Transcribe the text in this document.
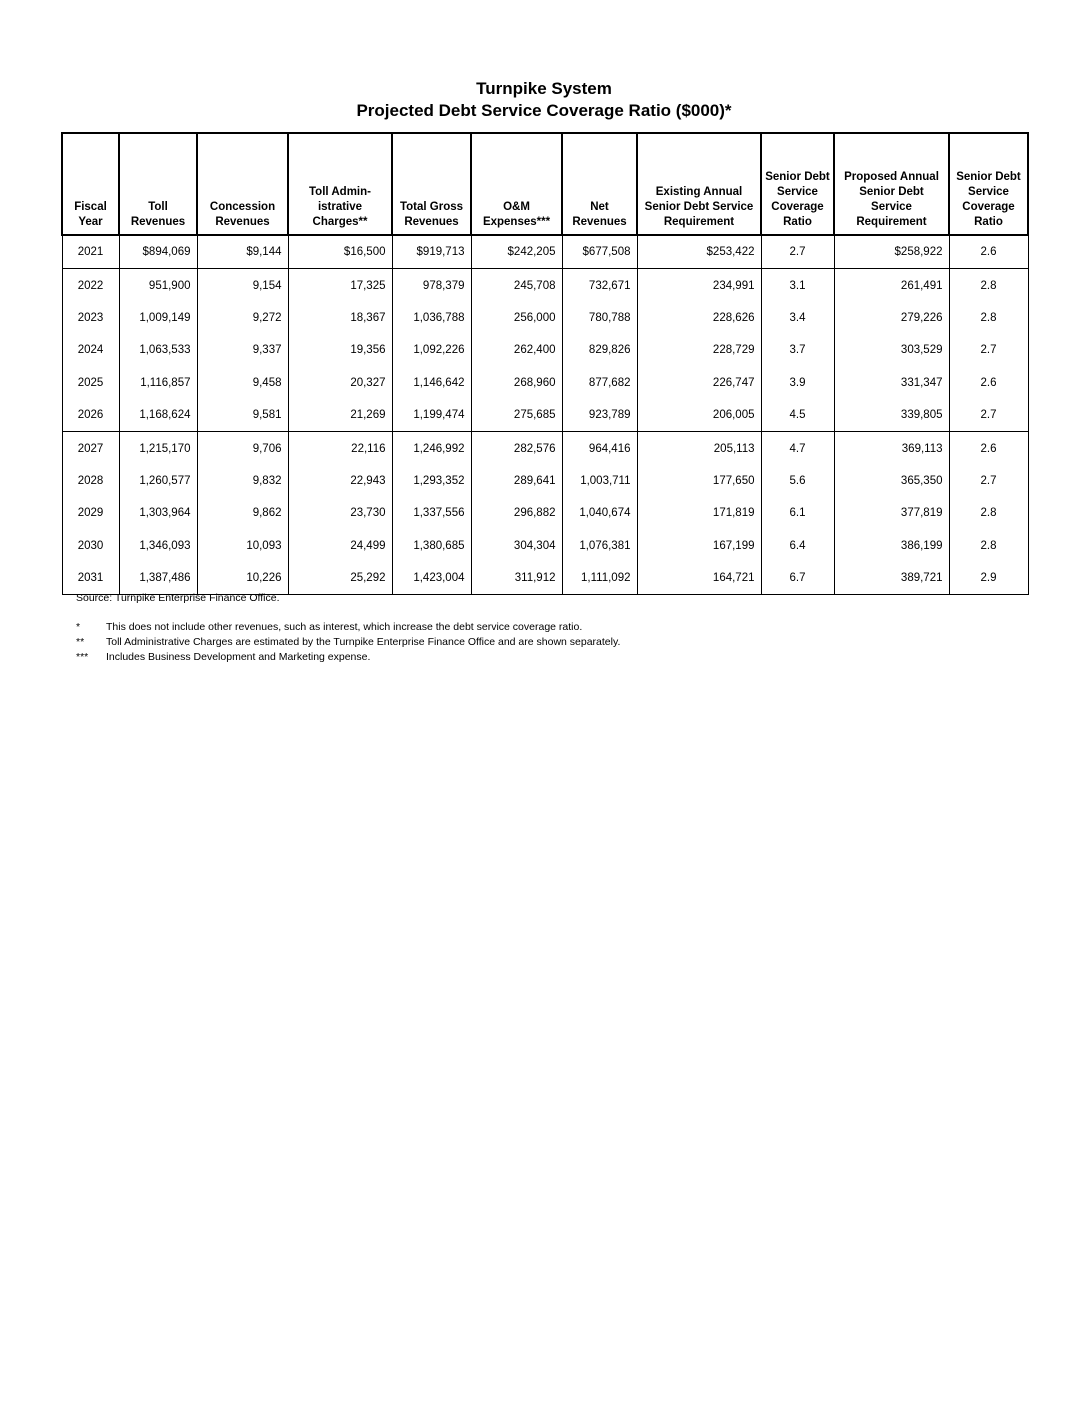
Turnpike System
Projected Debt Service Coverage Ratio ($000)*
Fiscal Year	Toll Revenues	Concession Revenues	Toll Admin-istrative Charges**	Total Gross Revenues	O&M Expenses***	Net Revenues	Existing Annual Senior Debt Service Requirement	Senior Debt Service Coverage Ratio	Proposed Annual Senior Debt Service Requirement	Senior Debt Service Coverage Ratio
2021	$894,069	$9,144	$16,500	$919,713	$242,205	$677,508	$253,422	2.7	$258,922	2.6
2022	951,900	9,154	17,325	978,379	245,708	732,671	234,991	3.1	261,491	2.8
2023	1,009,149	9,272	18,367	1,036,788	256,000	780,788	228,626	3.4	279,226	2.8
2024	1,063,533	9,337	19,356	1,092,226	262,400	829,826	228,729	3.7	303,529	2.7
2025	1,116,857	9,458	20,327	1,146,642	268,960	877,682	226,747	3.9	331,347	2.6
2026	1,168,624	9,581	21,269	1,199,474	275,685	923,789	206,005	4.5	339,805	2.7
2027	1,215,170	9,706	22,116	1,246,992	282,576	964,416	205,113	4.7	369,113	2.6
2028	1,260,577	9,832	22,943	1,293,352	289,641	1,003,711	177,650	5.6	365,350	2.7
2029	1,303,964	9,862	23,730	1,337,556	296,882	1,040,674	171,819	6.1	377,819	2.8
2030	1,346,093	10,093	24,499	1,380,685	304,304	1,076,381	167,199	6.4	386,199	2.8
2031	1,387,486	10,226	25,292	1,423,004	311,912	1,111,092	164,721	6.7	389,721	2.9
Source: Turnpike Enterprise Finance Office.
*	This does not include other revenues, such as interest, which increase the debt service coverage ratio.
**	Toll Administrative Charges are estimated by the Turnpike Enterprise Finance Office and are shown separately.
***	Includes Business Development and Marketing expense.
